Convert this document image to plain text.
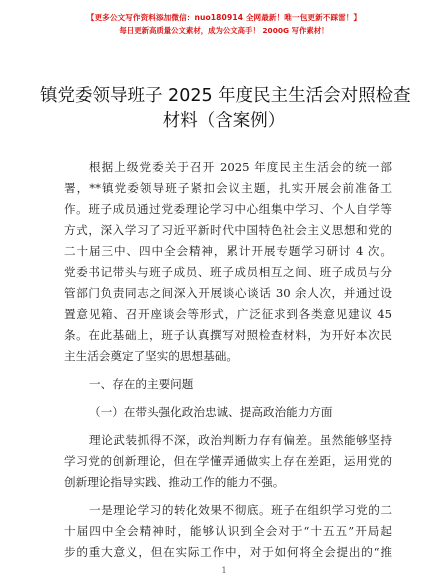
【更多公文写作资料添加微信：nuo180914 全网最新！唯一包更新不踩雷！】
每日更新高质量公文素材，成为公文高手！ 2000G 写作素材！
镇党委领导班子 2025 年度民主生活会对照检查
材料（含案例）
根据上级党委关于召开 2025 年度民主生活会的统一部
署，**镇党委领导班子紧扣会议主题，扎实开展会前准备工
作。班子成员通过党委理论学习中心组集中学习、个人自学等
方式，深入学习了习近平新时代中国特色社会主义思想和党的
二十届三中、四中全会精神，累计开展专题学习研讨 4 次。
党委书记带头与班子成员、班子成员相互之间、班子成员与分
管部门负责同志之间深入开展谈心谈话 30 余人次，并通过设
置意见箱、召开座谈会等形式，广泛征求到各类意见建议 45
条。在此基础上，班子认真撰写对照检查材料，为开好本次民
主生活会奠定了坚实的思想基础。
一、存在的主要问题
（一）在带头强化政治忠诚、提高政治能力方面
理论武装抓得不深，政治判断力存有偏差。虽然能够坚持
学习党的创新理论，但在学懂弄通做实上存在差距，运用党的
创新理论指导实践、推动工作的能力不强。
一是理论学习的转化效果不彻底。班子在组织学习党的二
十届四中全会精神时，能够认识到全会对于“十五五”开局起
步的重大意义，但在实际工作中，对于如何将全会提出的“推
1
